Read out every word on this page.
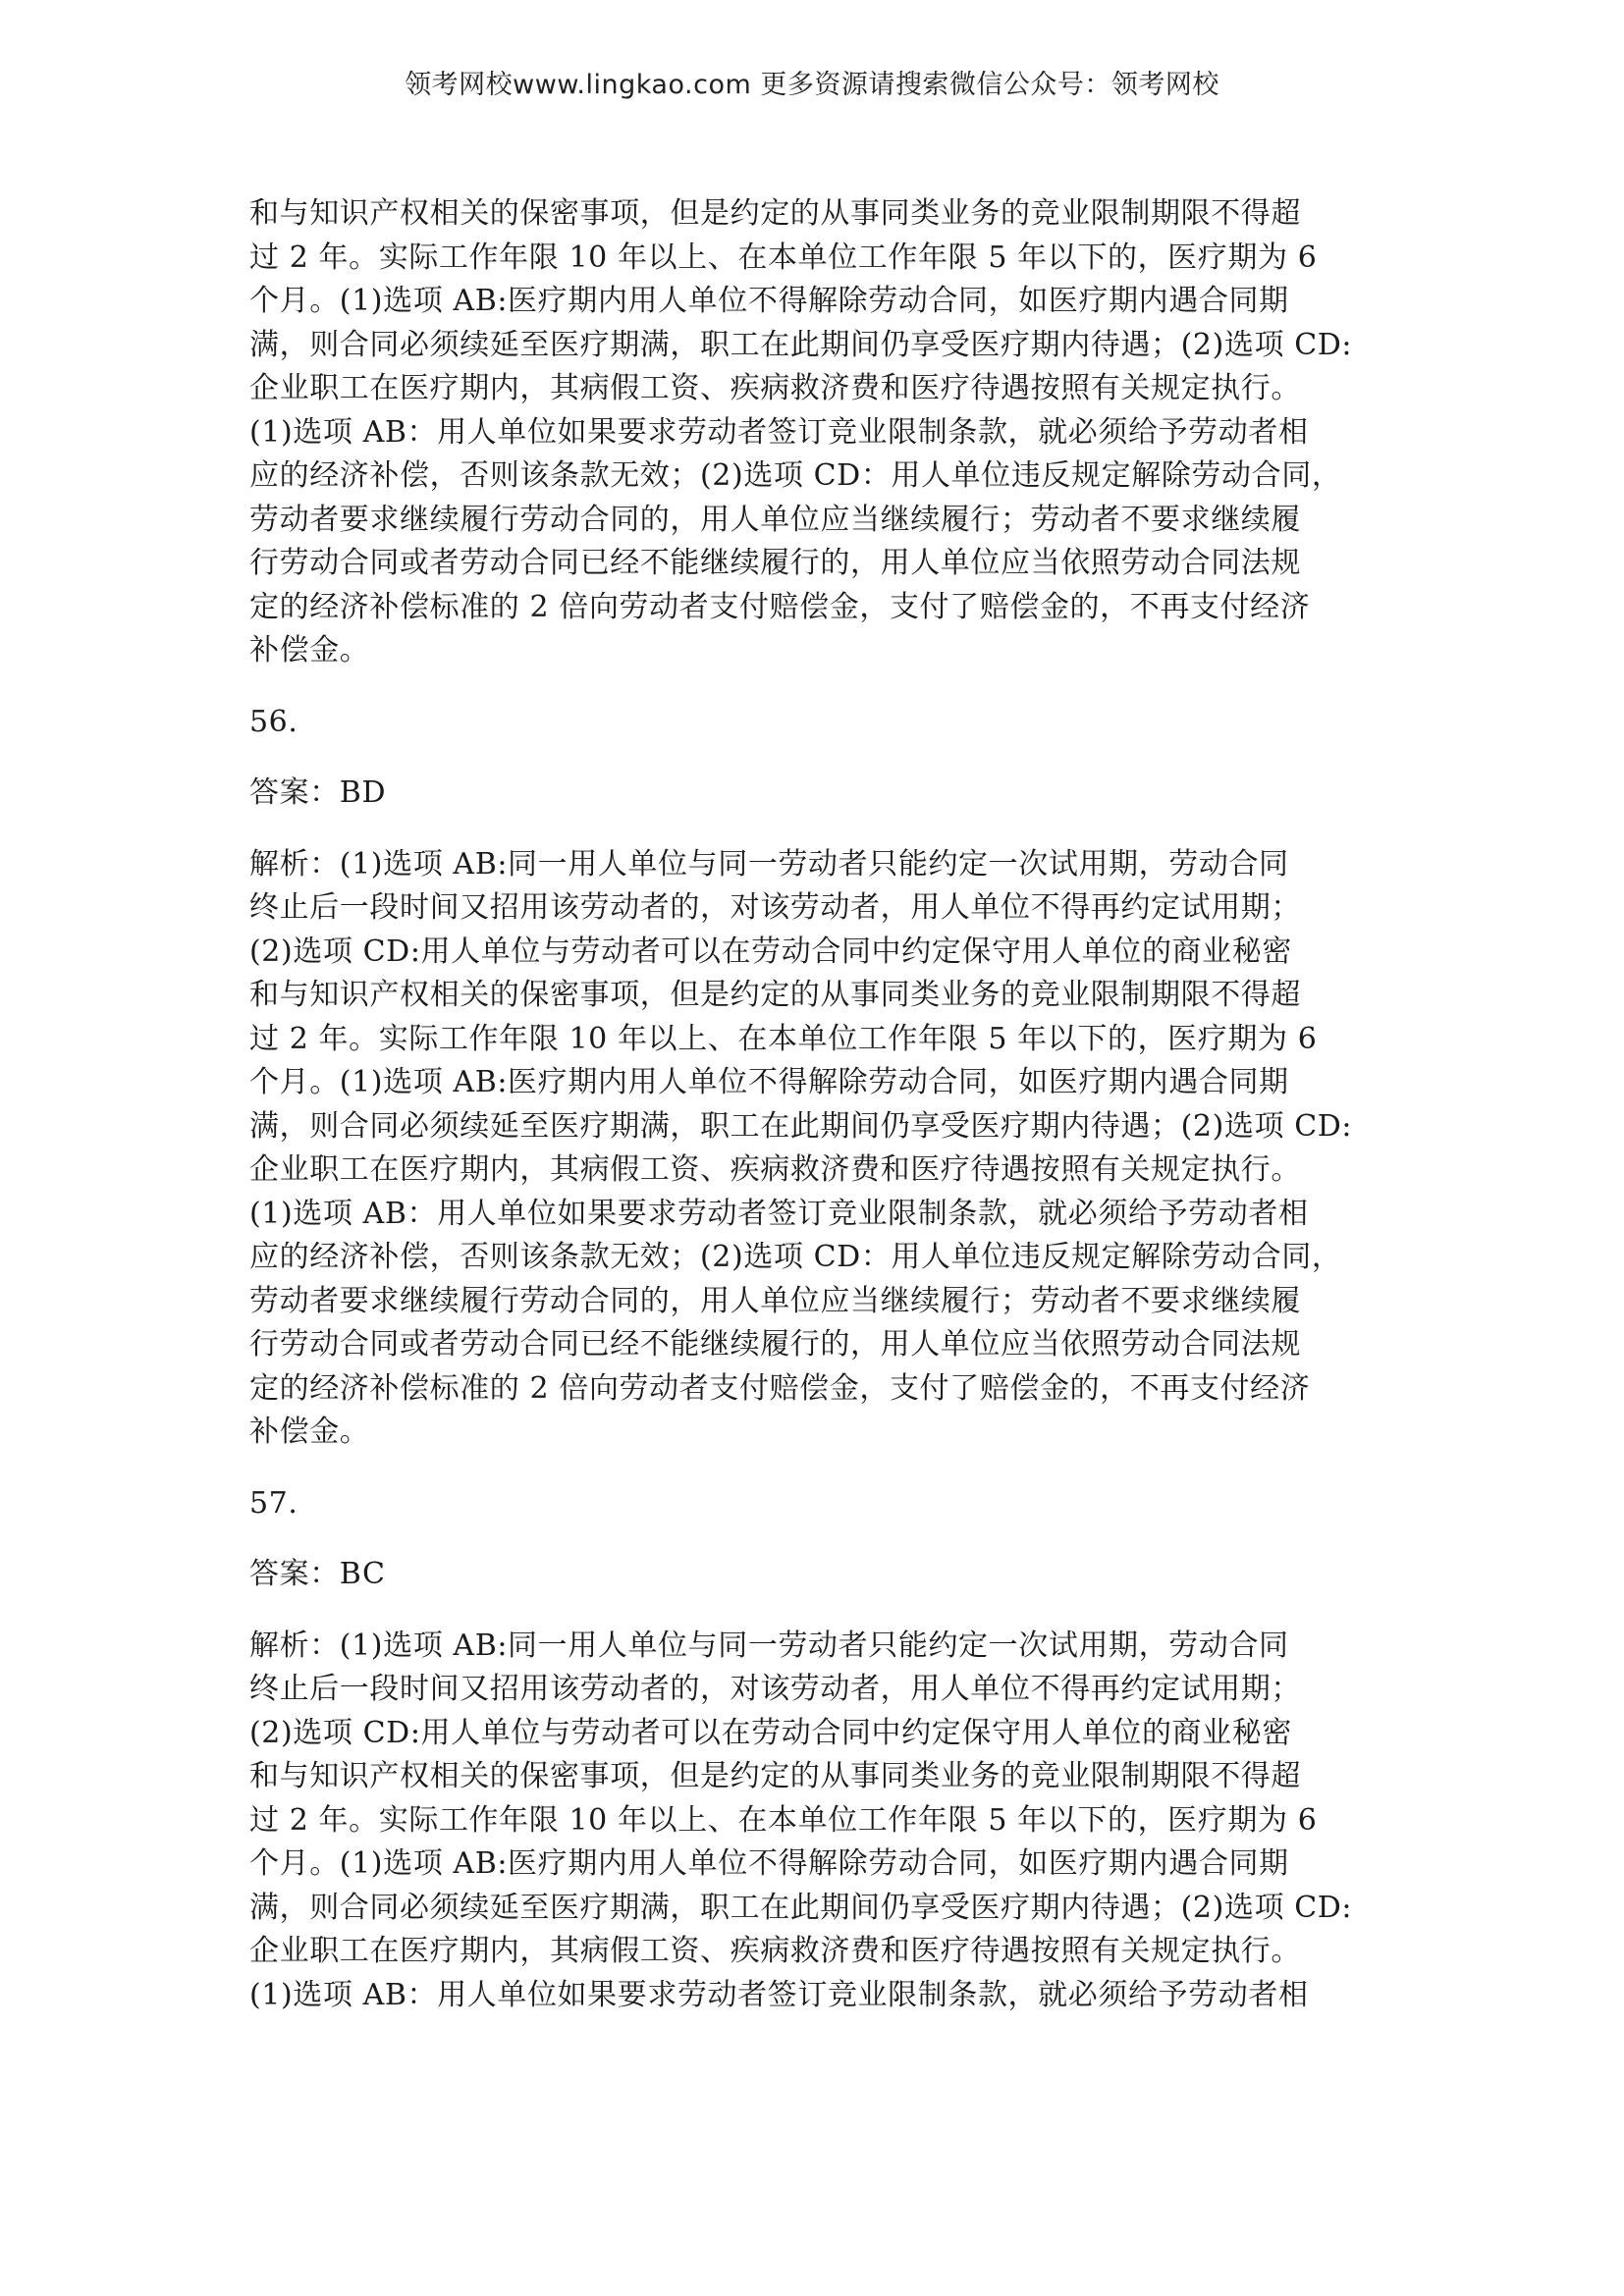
领考网校www.lingkao.com 更多资源请搜索微信公众号：领考网校
和与知识产权相关的保密事项，但是约定的从事同类业务的竞业限制期限不得超
过 2 年。实际工作年限 10 年以上、在本单位工作年限 5 年以下的，医疗期为 6
个月。(1)选项 AB:医疗期内用人单位不得解除劳动合同，如医疗期内遇合同期
满，则合同必须续延至医疗期满，职工在此期间仍享受医疗期内待遇；(2)选项 CD:
企业职工在医疗期内，其病假工资、疾病救济费和医疗待遇按照有关规定执行。
(1)选项 AB：用人单位如果要求劳动者签订竞业限制条款，就必须给予劳动者相
应的经济补偿，否则该条款无效；(2)选项 CD：用人单位违反规定解除劳动合同，
劳动者要求继续履行劳动合同的，用人单位应当继续履行；劳动者不要求继续履
行劳动合同或者劳动合同已经不能继续履行的，用人单位应当依照劳动合同法规
定的经济补偿标准的 2 倍向劳动者支付赔偿金，支付了赔偿金的，不再支付经济
补偿金。

56.

答案：BD

解析：(1)选项 AB:同一用人单位与同一劳动者只能约定一次试用期，劳动合同
终止后一段时间又招用该劳动者的，对该劳动者，用人单位不得再约定试用期；
(2)选项 CD:用人单位与劳动者可以在劳动合同中约定保守用人单位的商业秘密
和与知识产权相关的保密事项，但是约定的从事同类业务的竞业限制期限不得超
过 2 年。实际工作年限 10 年以上、在本单位工作年限 5 年以下的，医疗期为 6
个月。(1)选项 AB:医疗期内用人单位不得解除劳动合同，如医疗期内遇合同期
满，则合同必须续延至医疗期满，职工在此期间仍享受医疗期内待遇；(2)选项 CD:
企业职工在医疗期内，其病假工资、疾病救济费和医疗待遇按照有关规定执行。
(1)选项 AB：用人单位如果要求劳动者签订竞业限制条款，就必须给予劳动者相
应的经济补偿，否则该条款无效；(2)选项 CD：用人单位违反规定解除劳动合同，
劳动者要求继续履行劳动合同的，用人单位应当继续履行；劳动者不要求继续履
行劳动合同或者劳动合同已经不能继续履行的，用人单位应当依照劳动合同法规
定的经济补偿标准的 2 倍向劳动者支付赔偿金，支付了赔偿金的，不再支付经济
补偿金。

57.

答案：BC

解析：(1)选项 AB:同一用人单位与同一劳动者只能约定一次试用期，劳动合同
终止后一段时间又招用该劳动者的，对该劳动者，用人单位不得再约定试用期；
(2)选项 CD:用人单位与劳动者可以在劳动合同中约定保守用人单位的商业秘密
和与知识产权相关的保密事项，但是约定的从事同类业务的竞业限制期限不得超
过 2 年。实际工作年限 10 年以上、在本单位工作年限 5 年以下的，医疗期为 6
个月。(1)选项 AB:医疗期内用人单位不得解除劳动合同，如医疗期内遇合同期
满，则合同必须续延至医疗期满，职工在此期间仍享受医疗期内待遇；(2)选项 CD:
企业职工在医疗期内，其病假工资、疾病救济费和医疗待遇按照有关规定执行。
(1)选项 AB：用人单位如果要求劳动者签订竞业限制条款，就必须给予劳动者相
